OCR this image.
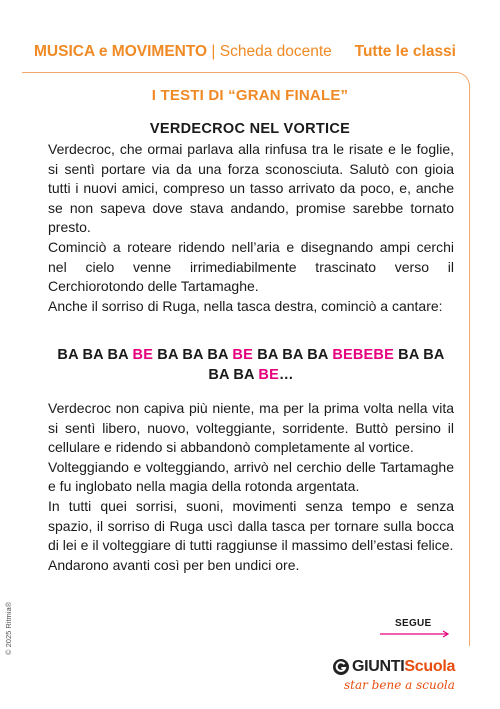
MUSICA e MOVIMENTO | Scheda docente Tutte le classi
I TESTI DI “GRAN FINALE”
VERDECROC NEL VORTICE

Verdecroc, che ormai parlava alla rinfusa tra le risate e le foglie, si sentì portare via da una forza sconosciuta. Salutò con gioia tutti i nuovi amici, compreso un tasso arrivato da poco, e, anche se non sapeva dove stava andando, promise sarebbe tornato presto.

Cominciò a roteare ridendo nell’aria e disegnando ampi cerchi nel cielo venne irrimediabilmente trascinato verso il Cerchiorotondo delle Tartamaghe.

Anche il sorriso di Ruga, nella tasca destra, cominciò a cantare:

BA BA BA BE BA BA BA BE BA BA BA BEBEBE BA BA BA BA BE…

Verdecroc non capiva più niente, ma per la prima volta nella vita si sentì libero, nuovo, volteggiante, sorridente. Buttò persino il cellulare e ridendo si abbandonò completamente al vortice.

Volteggiando e volteggiando, arrivò nel cerchio delle Tartamaghe e fu inglobato nella magia della rotonda argentata.

In tutti quei sorrisi, suoni, movimenti senza tempo e senza spazio, il sorriso di Ruga uscì dalla tasca per tornare sulla bocca di lei e il volteggiare di tutti raggiunse il massimo dell’estasi felice.

Andarono avanti così per ben undici ore.

© 2025 Ritmia®	SEGUE
GIUNTIScuola
star bene a scuola
